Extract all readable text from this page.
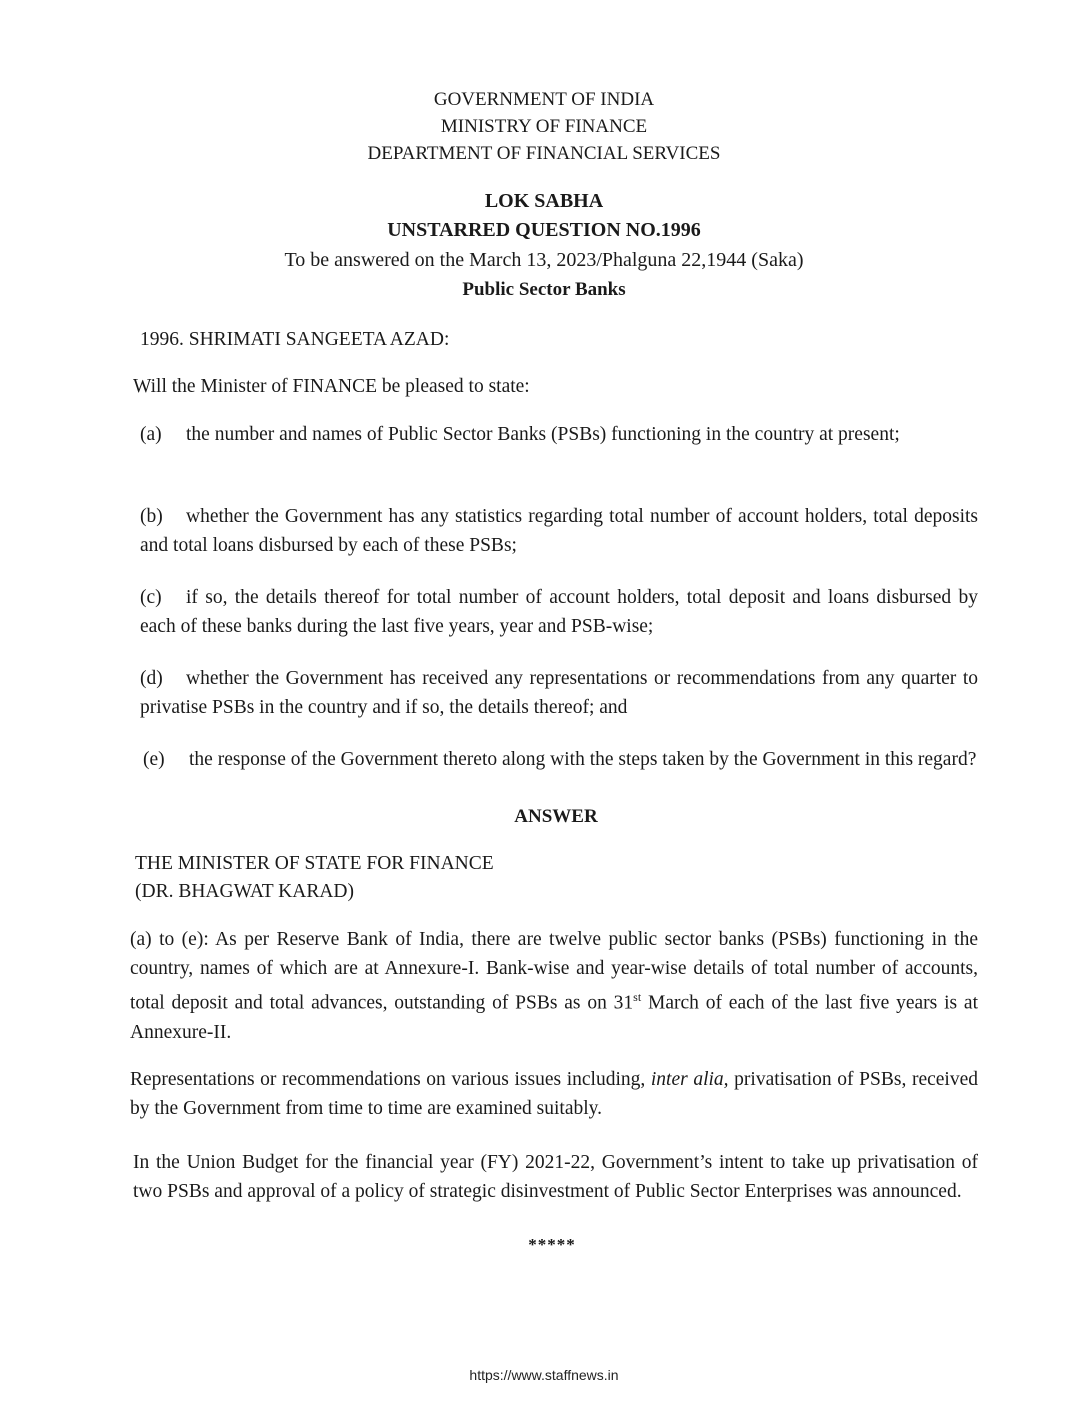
GOVERNMENT OF INDIA
MINISTRY OF FINANCE
DEPARTMENT OF FINANCIAL SERVICES
LOK SABHA
UNSTARRED QUESTION NO.1996
To be answered on the March 13, 2023/Phalguna 22,1944 (Saka)
Public Sector Banks
1996. SHRIMATI SANGEETA AZAD:
Will the Minister of FINANCE be pleased to state:

(a) the number and names of Public Sector Banks (PSBs) functioning in the country at present;

(b) whether the Government has any statistics regarding total number of account holders, total deposits and total loans disbursed by each of these PSBs;

(c) if so, the details thereof for total number of account holders, total deposit and loans disbursed by each of these banks during the last five years, year and PSB-wise;

(d) whether the Government has received any representations or recommendations from any quarter to privatise PSBs in the country and if so, the details thereof; and

(e) the response of the Government thereto along with the steps taken by the Government in this regard?

ANSWER
THE MINISTER OF STATE FOR FINANCE
(DR. BHAGWAT KARAD)

(a) to (e): As per Reserve Bank of India, there are twelve public sector banks (PSBs) functioning in the country, names of which are at Annexure-I. Bank-wise and year-wise details of total number of accounts, total deposit and total advances, outstanding of PSBs as on 31st March of each of the last five years is at Annexure-II.

Representations or recommendations on various issues including, inter alia, privatisation of PSBs, received by the Government from time to time are examined suitably.

In the Union Budget for the financial year (FY) 2021-22, Government’s intent to take up privatisation of two PSBs and approval of a policy of strategic disinvestment of Public Sector Enterprises was announced.
*****
https://www.staffnews.in
